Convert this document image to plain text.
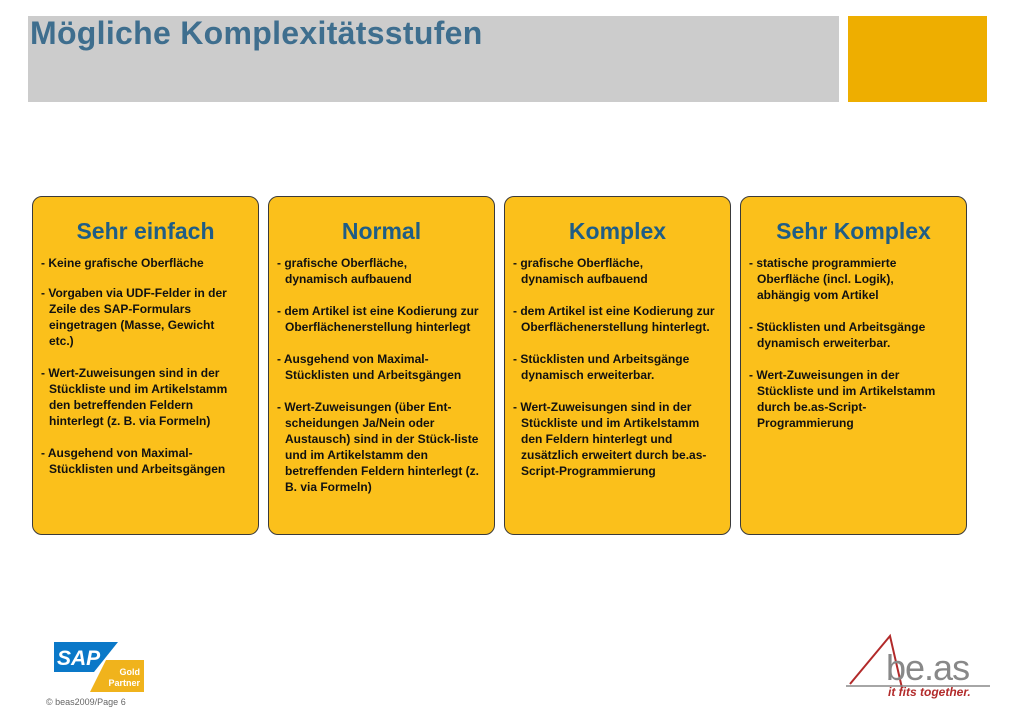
Mögliche Komplexitätsstufen
Sehr einfach
- Keine grafische Oberfläche
- Vorgaben via UDF-Felder in der Zeile des SAP-Formulars eingetragen (Masse, Gewicht etc.)
- Wert-Zuweisungen sind in der Stückliste und im Artikelstamm den betreffenden Feldern hinterlegt (z. B. via Formeln)
- Ausgehend von Maximal-Stücklisten und Arbeitsgängen
Normal
- grafische Oberfläche, dynamisch aufbauend
- dem Artikel ist eine Kodierung zur Oberflächenerstellung hinterlegt
- Ausgehend von Maximal-Stücklisten und Arbeitsgängen
- Wert-Zuweisungen (über Ent-scheidungen Ja/Nein oder Austausch) sind in der Stück-liste und im Artikelstamm den betreffenden Feldern hinterlegt (z. B. via Formeln)
Komplex
- grafische Oberfläche, dynamisch aufbauend
- dem Artikel ist eine Kodierung zur Oberflächenerstellung hinterlegt.
- Stücklisten und Arbeitsgänge dynamisch erweiterbar.
- Wert-Zuweisungen sind in der Stückliste und im Artikelstamm den Feldern hinterlegt und zusätzlich erweitert durch be.as-Script-Programmierung
Sehr Komplex
- statische programmierte Oberfläche (incl. Logik), abhängig vom Artikel
- Stücklisten und Arbeitsgänge dynamisch erweiterbar.
- Wert-Zuweisungen in der Stückliste und im Artikelstamm durch be.as-Script-Programmierung
SAP
Gold
Partner
© beas2009/Page 6
be.as
it fits together.
